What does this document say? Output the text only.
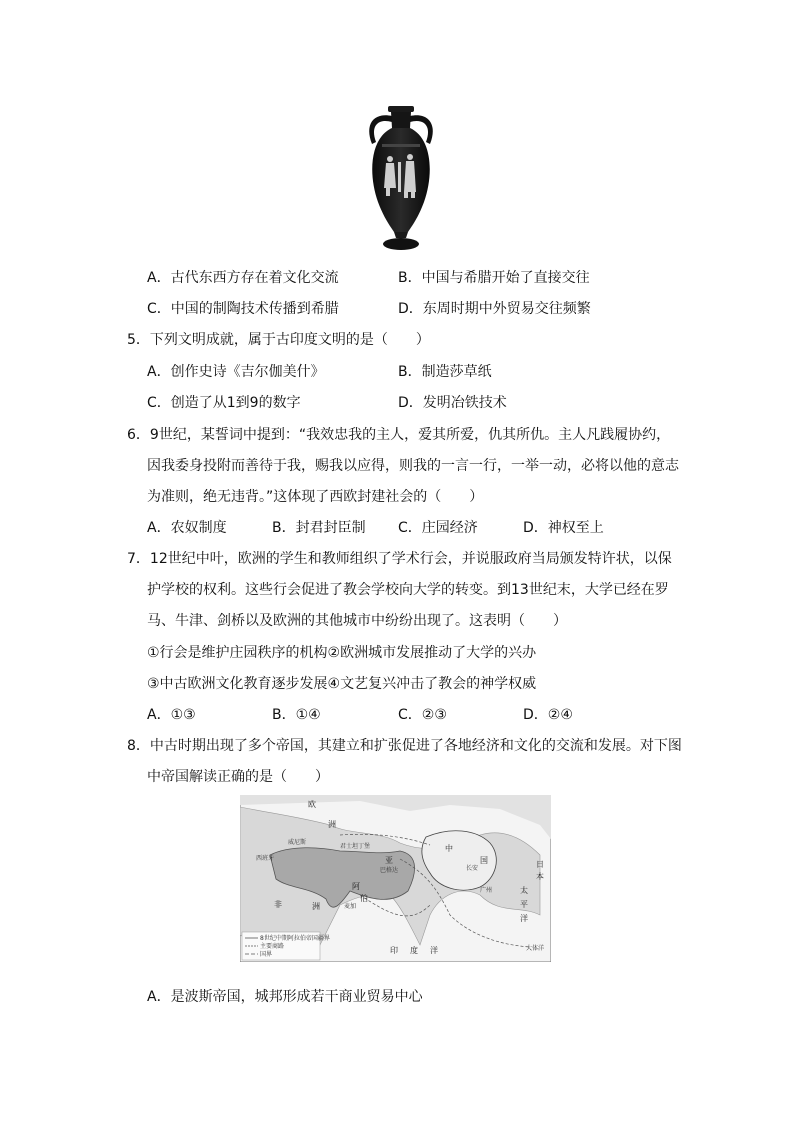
A．古代东西方存在着文化交流	B．中国与希腊开始了直接交往
C．中国的制陶技术传播到希腊	D．东周时期中外贸易交往频繁
5．下列文明成就，属于古印度文明的是（　　）
A．创作史诗《吉尔伽美什》	B．制造莎草纸
C．创造了从1到9的数字	D．发明冶铁技术
6．9世纪，某誓词中提到：“我效忠我的主人，爱其所爱，仇其所仇。主人凡践履协约，
因我委身投附而善待于我，赐我以应得，则我的一言一行，一举一动，必将以他的意志
为准则，绝无违背。”这体现了西欧封建社会的（　　）
A．农奴制度	B．封君封臣制 C．庄园经济	D．神权至上
7．12世纪中叶，欧洲的学生和教师组织了学术行会，并说服政府当局颁发特许状，以保
护学校的权利。这些行会促进了教会学校向大学的转变。到13世纪末，大学已经在罗
马、牛津、剑桥以及欧洲的其他城市中纷纷出现了。这表明（　　）
①行会是维护庄园秩序的机构②欧洲城市发展推动了大学的兴办
③中古欧洲文化教育逐步发展④文艺复兴冲击了教会的神学权威
A．①③	B．①④	C．②③	D．②④
8．中古时期出现了多个帝国，其建立和扩张促进了各地经济和文化的交流和发展。对下图
中帝国解读正确的是（　　）
欧
洲
非	洲
中
国	日
本
太
平
洋
印 度 洋
亚
阿
伯
威尼斯
西班牙
君士坦丁堡
巴格达	长安
广州
麦加
大体洋
8世纪中期阿拉伯帝国疆界
主要商路
国界
A．是波斯帝国，城邦形成若干商业贸易中心
